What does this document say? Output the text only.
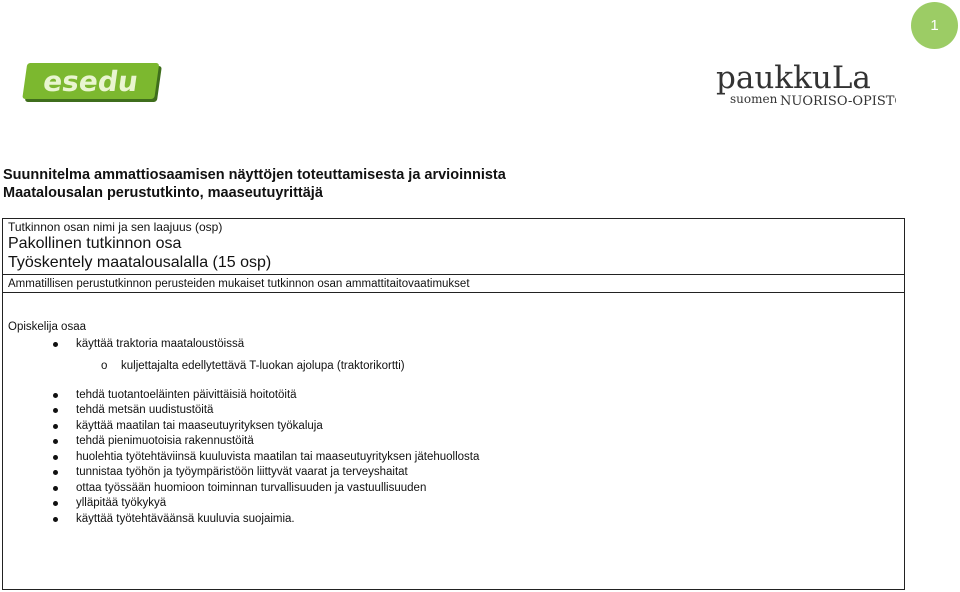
1
esedu	paukkuLa
suomen NUORISO-OPISTO
Suunnitelma ammattiosaamisen näyttöjen toteuttamisesta ja arvioinnista
Maatalousalan perustutkinto, maaseutuyrittäjä
Tutkinnon osan nimi ja sen laajuus (osp)
Pakollinen tutkinnon osa
Työskentely maatalousalalla (15 osp)
Ammatillisen perustutkinnon perusteiden mukaiset tutkinnon osan ammattitaitovaatimukset
Opiskelija osaa
käyttää traktoria maataloustöissä
o kuljettajalta edellytettävä T-luokan ajolupa (traktorikortti)
tehdä tuotantoeläinten päivittäisiä hoitotöitä
tehdä metsän uudistustöitä
käyttää maatilan tai maaseutuyrityksen työkaluja
tehdä pienimuotoisia rakennustöitä
huolehtia työtehtäviinsä kuuluvista maatilan tai maaseutuyrityksen jätehuollosta
tunnistaa työhön ja työympäristöön liittyvät vaarat ja terveyshaitat
ottaa työssään huomioon toiminnan turvallisuuden ja vastuullisuuden
ylläpitää työkykyä
käyttää työtehtäväänsä kuuluvia suojaimia.
